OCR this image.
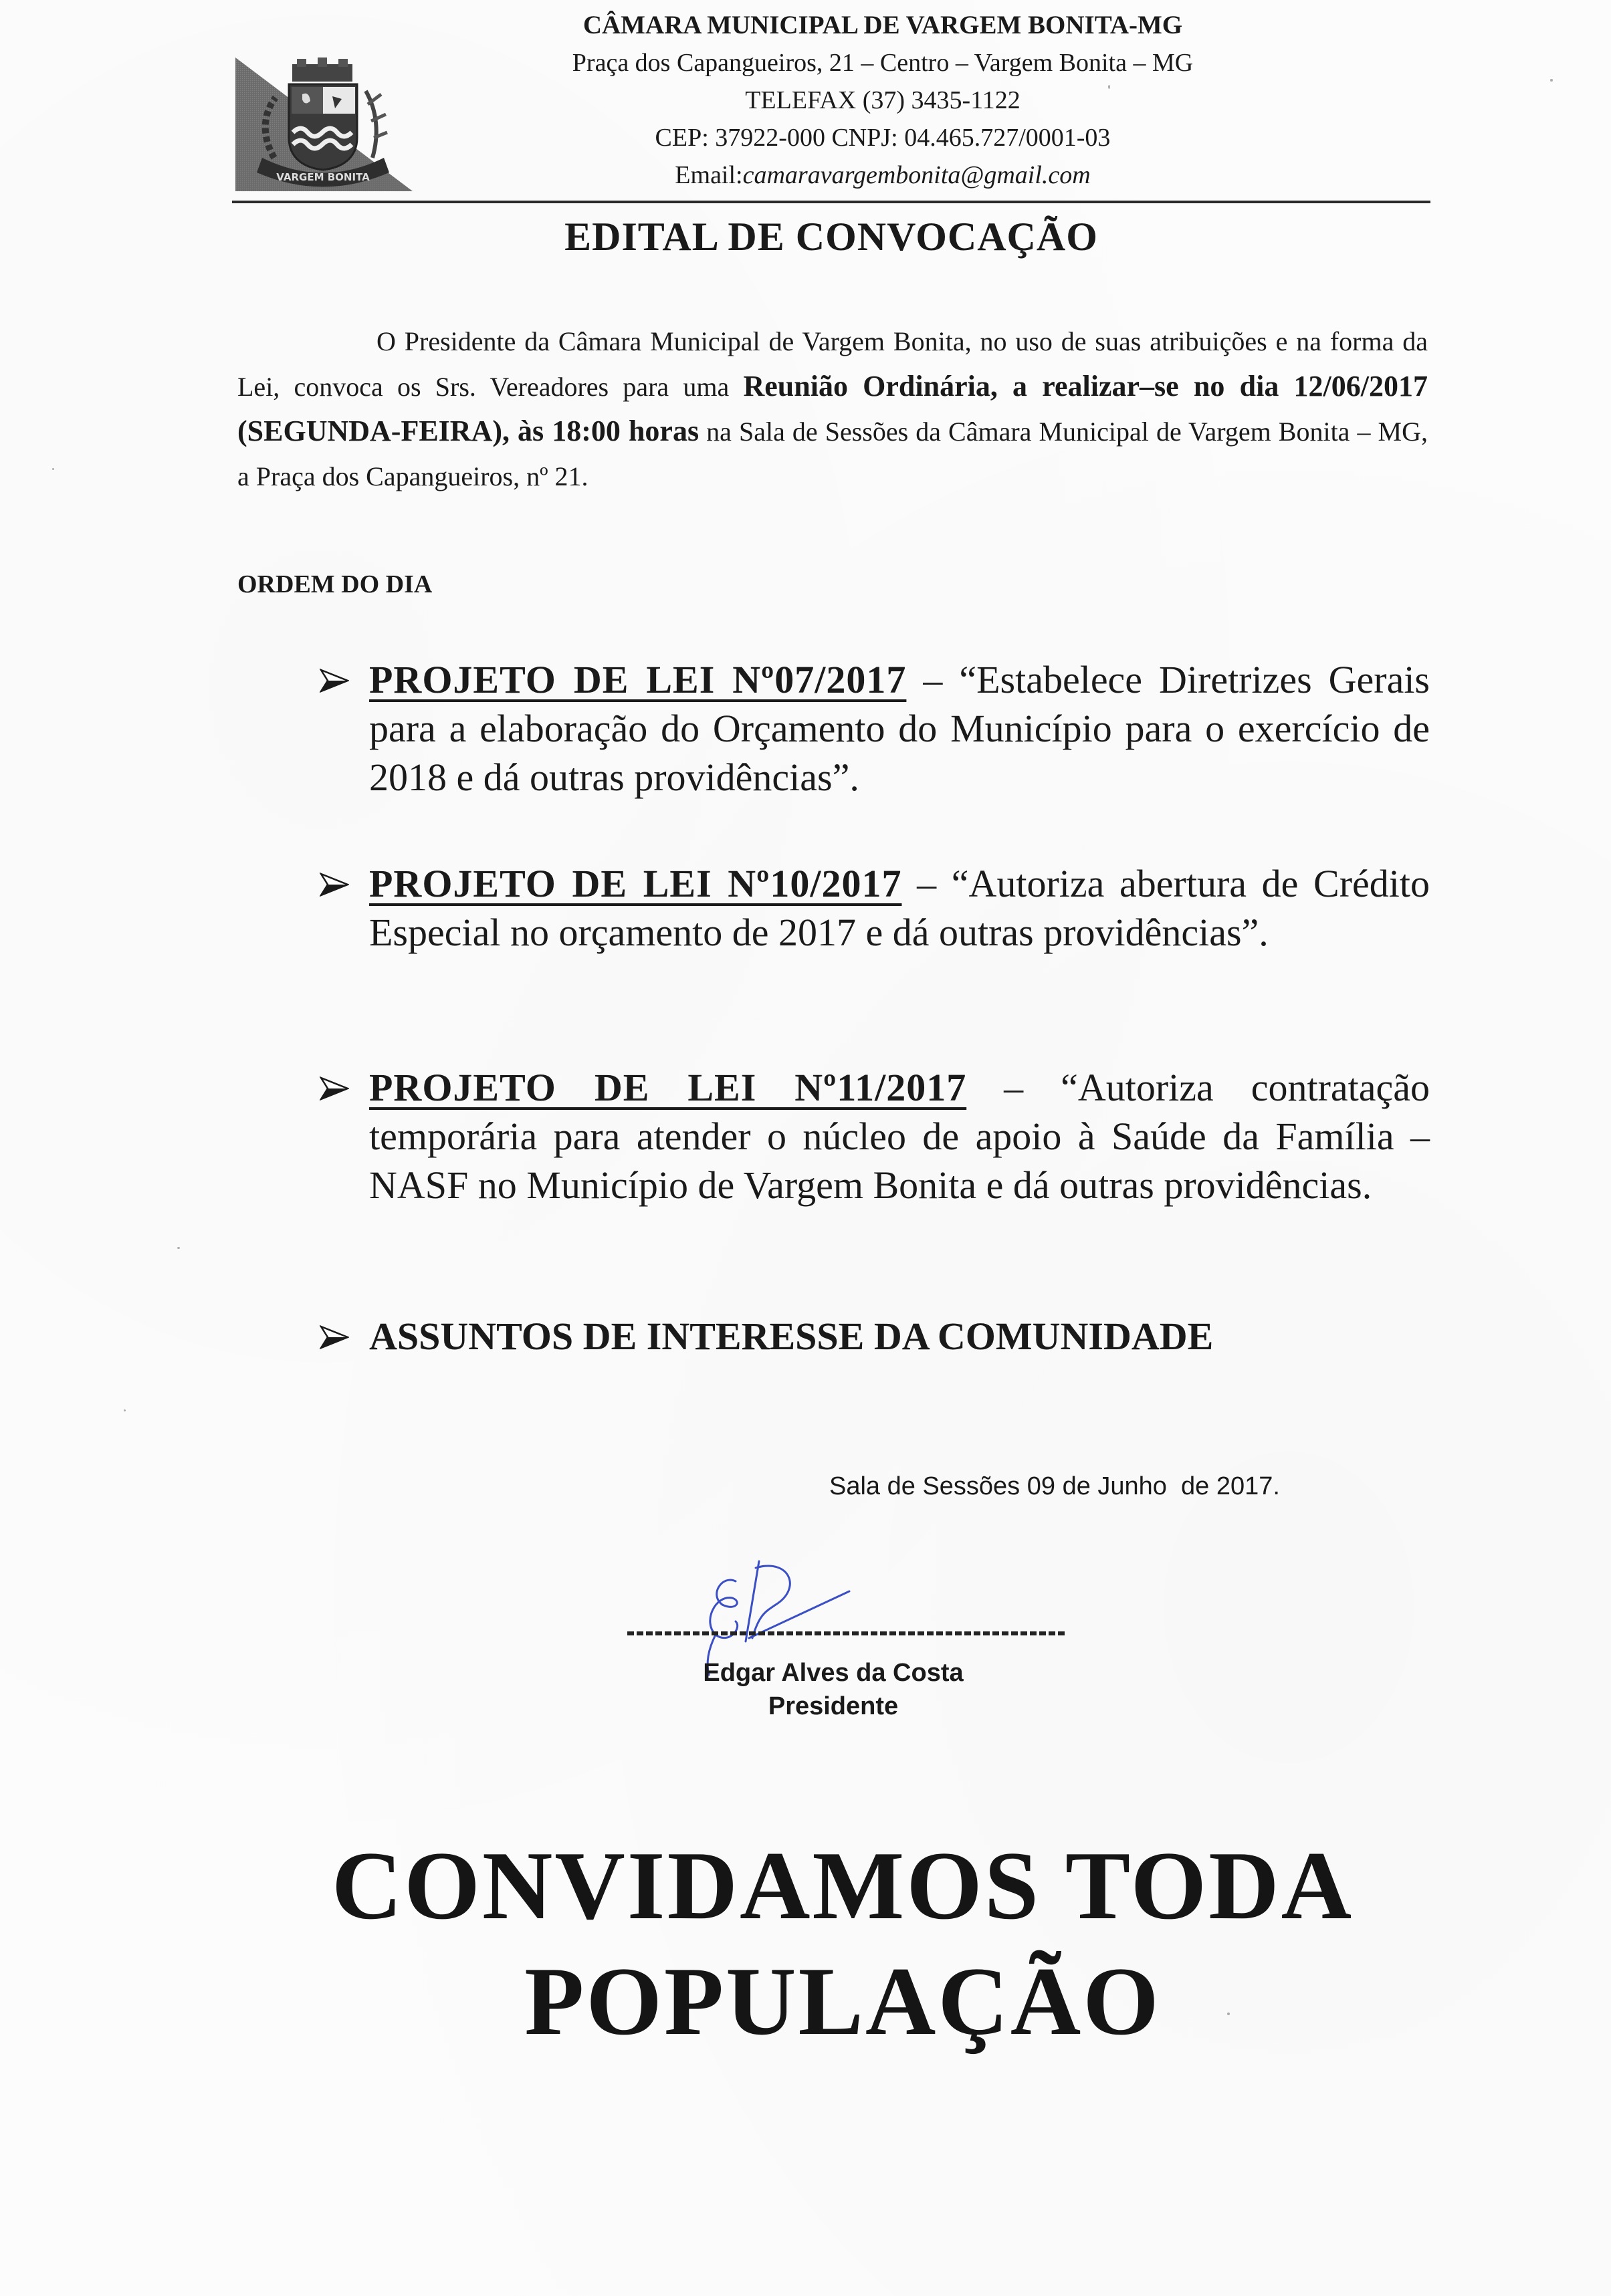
VARGEM BONITA
CÂMARA MUNICIPAL DE VARGEM BONITA-MG
Praça dos Capangueiros, 21 – Centro – Vargem Bonita – MG
TELEFAX (37) 3435-1122
CEP: 37922-000 CNPJ: 04.465.727/0001-03
Email:camaravargembonita@gmail.com
EDITAL DE CONVOCAÇÃO

O Presidente da Câmara Municipal de Vargem Bonita, no uso de suas atribuições e na forma da Lei, convoca os Srs. Vereadores para uma Reunião Ordinária, a realizar–se no dia 12/06/2017 (SEGUNDA-FEIRA), às 18:00 horas na Sala de Sessões da Câmara Municipal de Vargem Bonita – MG, a Praça dos Capangueiros, nº 21.

ORDEM DO DIA
PROJETO DE LEI Nº07/2017 – “Estabelece Diretrizes Gerais para a elaboração do Orçamento do Município para o exercício de 2018 e dá outras providências”.
PROJETO DE LEI Nº10/2017 – “Autoriza abertura de Crédito Especial no orçamento de 2017 e dá outras providências”.
PROJETO DE LEI Nº11/2017 – “Autoriza contratação temporária para atender o núcleo de apoio à Saúde da Família – NASF no Município de Vargem Bonita e dá outras providências.
ASSUNTOS DE INTERESSE DA COMUNIDADE
Sala de Sessões 09 de Junho  de 2017.
Edgar Alves da Costa
Presidente
CONVIDAMOS TODA
POPULAÇÃO
